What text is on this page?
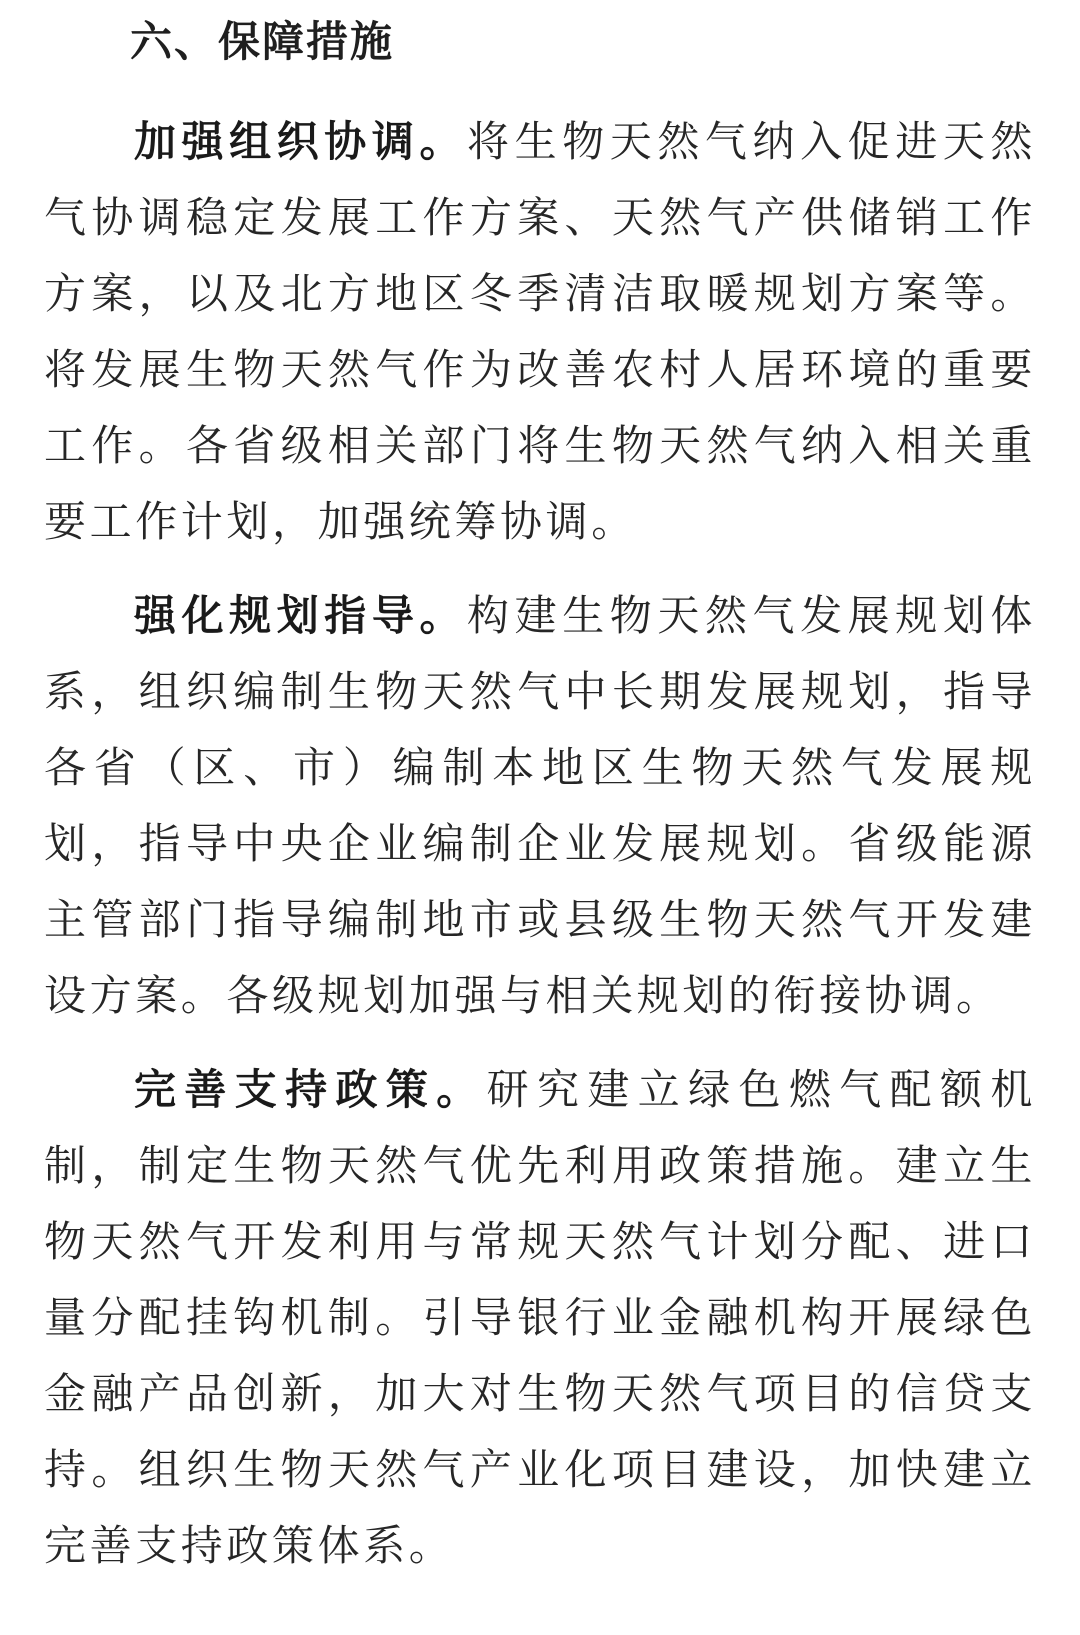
六、保障措施

加强组织协调。将生物天然气纳入促进天然气协调稳定发展工作方案、天然气产供储销工作方案，以及北方地区冬季清洁取暖规划方案等。将发展生物天然气作为改善农村人居环境的重要工作。各省级相关部门将生物天然气纳入相关重要工作计划，加强统筹协调。

强化规划指导。构建生物天然气发展规划体系，组织编制生物天然气中长期发展规划，指导各省（区、市）编制本地区生物天然气发展规划，指导中央企业编制企业发展规划。省级能源主管部门指导编制地市或县级生物天然气开发建设方案。各级规划加强与相关规划的衔接协调。

完善支持政策。研究建立绿色燃气配额机制，制定生物天然气优先利用政策措施。建立生物天然气开发利用与常规天然气计划分配、进口量分配挂钩机制。引导银行业金融机构开展绿色金融产品创新，加大对生物天然气项目的信贷支持。组织生物天然气产业化项目建设，加快建立完善支持政策体系。
